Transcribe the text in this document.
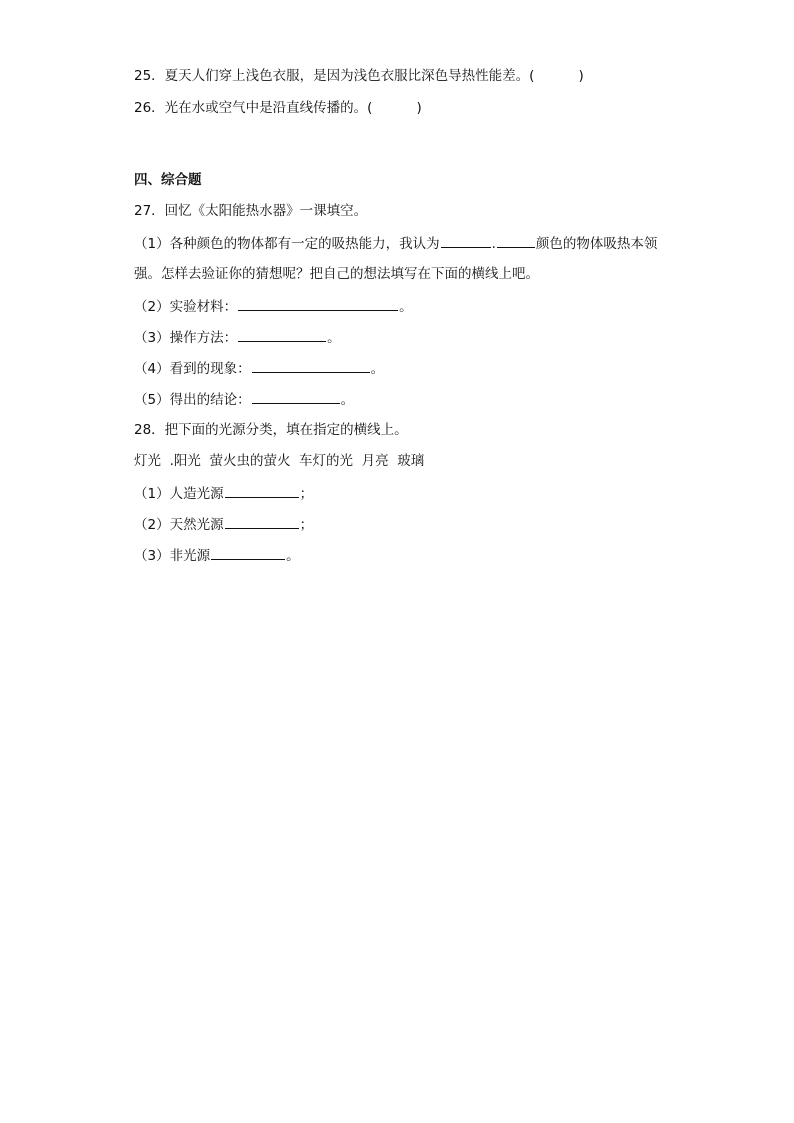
25．夏天人们穿上浅色衣服，是因为浅色衣服比深色导热性能差。(	)
26．光在水或空气中是沿直线传播的。(	)
四、综合题
27．回忆《太阳能热水器》一课填空。
（1）各种颜色的物体都有一定的吸热能力，我认为	.	颜色的物体吸热本领
强。怎样去验证你的猜想呢？把自己的想法填写在下面的横线上吧。
（2）实验材料：	。
（3）操作方法：	。
（4）看到的现象：	。
（5）得出的结论：	。
28．把下面的光源分类，填在指定的横线上。
灯光  .阳光  萤火虫的萤火  车灯的光  月亮  玻璃
（1）人造光源	；
（2）天然光源	；
（3）非光源	。
